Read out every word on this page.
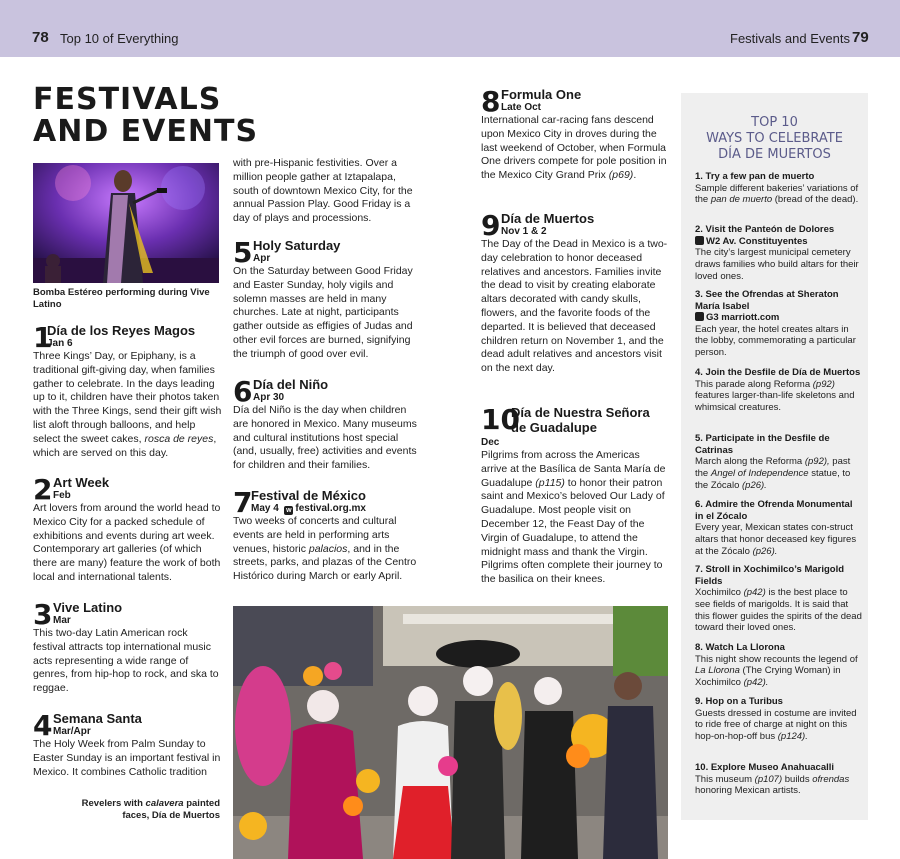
78 Top 10 of Everything	Festivals and Events 79
FESTIVALS
AND EVENTS
Bomba Estéreo performing during Vive Latino
1
Día de los Reyes Magos
Jan 6

Three Kings’ Day, or Epiphany, is a traditional gift-giving day, when families gather to celebrate. In the days leading up to it, children have their photos taken with the Three Kings, send their gift wish list aloft through balloons, and help select the sweet cakes, rosca de reyes, which are served on this day.

2 Art Week
Feb

Art lovers from around the world head to Mexico City for a packed schedule of exhibitions and events during art week. Contemporary art galleries (of which there are many) feature the work of both local and international talents.

3 Vive Latino
Mar

This two-day Latin American rock festival attracts top international music acts representing a wide range of genres, from hip-hop to rock, and ska to reggae.

4 Semana Santa
Mar/Apr

The Holy Week from Palm Sunday to Easter Sunday is an important festival in Mexico. It combines Catholic tradition

Revelers with calavera painted faces, Día de Muertos
with pre-Hispanic festivities. Over a million people gather at Iztapalapa, south of downtown Mexico City, for the annual Passion Play. Good Friday is a day of plays and processions.
5 Holy Saturday
Apr

On the Saturday between Good Friday and Easter Sunday, holy vigils and solemn masses are held in many churches. Late at night, participants gather outside as effigies of Judas and other evil forces are burned, signifying the triumph of good over evil.

6 Día del Niño
Apr 30

Día del Niño is the day when children are honored in Mexico. Many museums and cultural institutions host special (and, usually, free) activities and events for children and their families.

7
Festival de México
May 4 w festival.org.mx

Two weeks of concerts and cultural events are held in performing arts venues, historic palacios, and in the streets, parks, and plazas of the Centro Histórico during March or early April.

8 Formula One
Late Oct

International car-racing fans descend upon Mexico City in droves during the last weekend of October, when Formula One drivers compete for pole position in the Mexico City Grand Prix (p69).

9 Día de Muertos
Nov 1 & 2

The Day of the Dead in Mexico is a two-day celebration to honor deceased relatives and ancestors. Families invite the dead to visit by creating elaborate altars decorated with candy skulls, flowers, and the favorite foods of the departed. It is believed that deceased children return on November 1, and the dead adult relatives and ancestors visit on the next day.

10
Día de Nuestra Señora de Guadalupe
Dec

Pilgrims from across the Americas arrive at the Basílica de Santa María de Guadalupe (p115) to honor their patron saint and Mexico’s beloved Our Lady of Guadalupe. Most people visit on December 12, the Feast Day of the Virgin of Guadalupe, to attend the midnight mass and thank the Virgin. Pilgrims often complete their journey to the basilica on their knees.

TOP 10
WAYS TO CELEBRATE
DÍA DE MUERTOS
1. Try a few pan de muerto
Sample different bakeries’ variations of the pan de muerto (bread of the dead).
2. Visit the Panteón de Dolores
W2 Av. Constituyentes
The city’s largest municipal cemetery draws families who build altars for their loved ones.
3. See the Ofrendas at Sheraton María Isabel
G3 marriott.com
Each year, the hotel creates altars in the lobby, commemorating a particular person.
4. Join the Desfile de Día de Muertos
This parade along Reforma (p92) features larger-than-life skeletons and whimsical creatures.
5. Participate in the Desfile de Catrinas
March along the Reforma (p92), past the Angel of Independence statue, to the Zócalo (p26).
6. Admire the Ofrenda Monumental in el Zócalo
Every year, Mexican states con-struct altars that honor deceased key figures at the Zócalo (p26).
7. Stroll in Xochimilco’s Marigold Fields
Xochimilco (p42) is the best place to see fields of marigolds. It is said that this flower guides the spirits of the dead toward their loved ones.
8. Watch La Llorona
This night show recounts the legend of La Llorona (The Crying Woman) in Xochimilco (p42).
9. Hop on a Turibus
Guests dressed in costume are invited to ride free of charge at night on this hop-on-hop-off bus (p124).
10. Explore Museo Anahuacalli
This museum (p107) builds ofrendas honoring Mexican artists.
